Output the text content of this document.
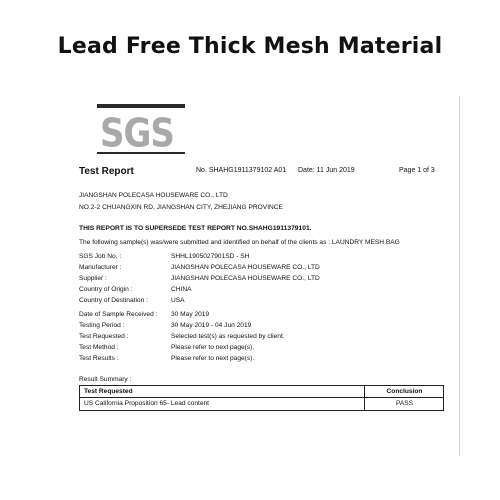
Lead Free Thick Mesh Material
SGS
Test Report	No. SHAHG1911379102 A01 Date: 11 Jun 2019	Page 1 of 3
JIANGSHAN POLECASA HOUSEWARE CO., LTD
NO.2-2 CHUANGXIN RD, JIANGSHAN CITY, ZHEJIANG PROVINCE
THIS REPORT IS TO SUPERSEDE TEST REPORT NO.SHAHG1911379101.
The following sample(s) was/were submitted and identified on behalf of the clients as : LAUNDRY MESH BAG
SGS Job No. :	SHHL1905027901SD - SH
Manufacturer :	JIANGSHAN POLECASA HOUSEWARE CO., LTD
Supplier :	JIANGSHAN POLECASA HOUSEWARE CO., LTD
Country of Origin :	CHINA
Country of Destination :	USA
Date of Sample Received : 30 May 2019
Testing Period :	30 May 2019 - 04 Jun 2019
Test Requested :	Selected test(s) as requested by client.
Test Method :	Please refer to next page(s).
Test Results :	Please refer to next page(s).
Result Summary :
Test Requested	Conclusion
US California Proposition 65- Lead content	PASS
